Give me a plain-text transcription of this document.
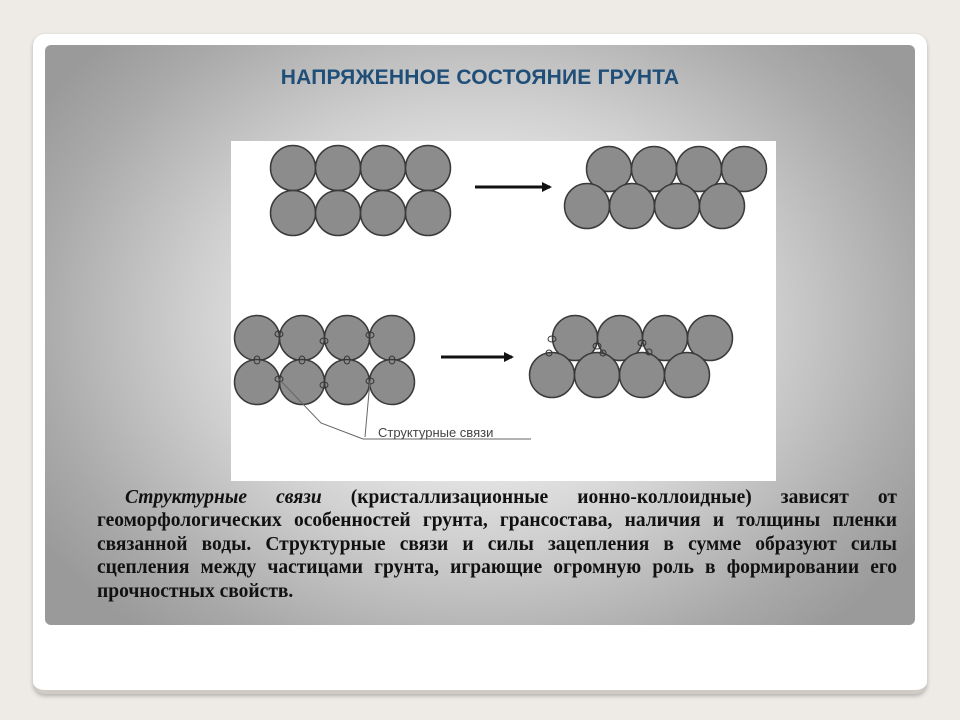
НАПРЯЖЕННОЕ СОСТОЯНИЕ ГРУНТА
Структурные связи
Структурные связи (кристаллизационные ионно-коллоидные) зависят от геоморфологических особенностей грунта, грансостава, наличия и толщины пленки связанной воды. Структурные связи и силы зацепления в сумме образуют силы сцепления между частицами грунта, играющие огромную роль в формировании его прочностных свойств.
